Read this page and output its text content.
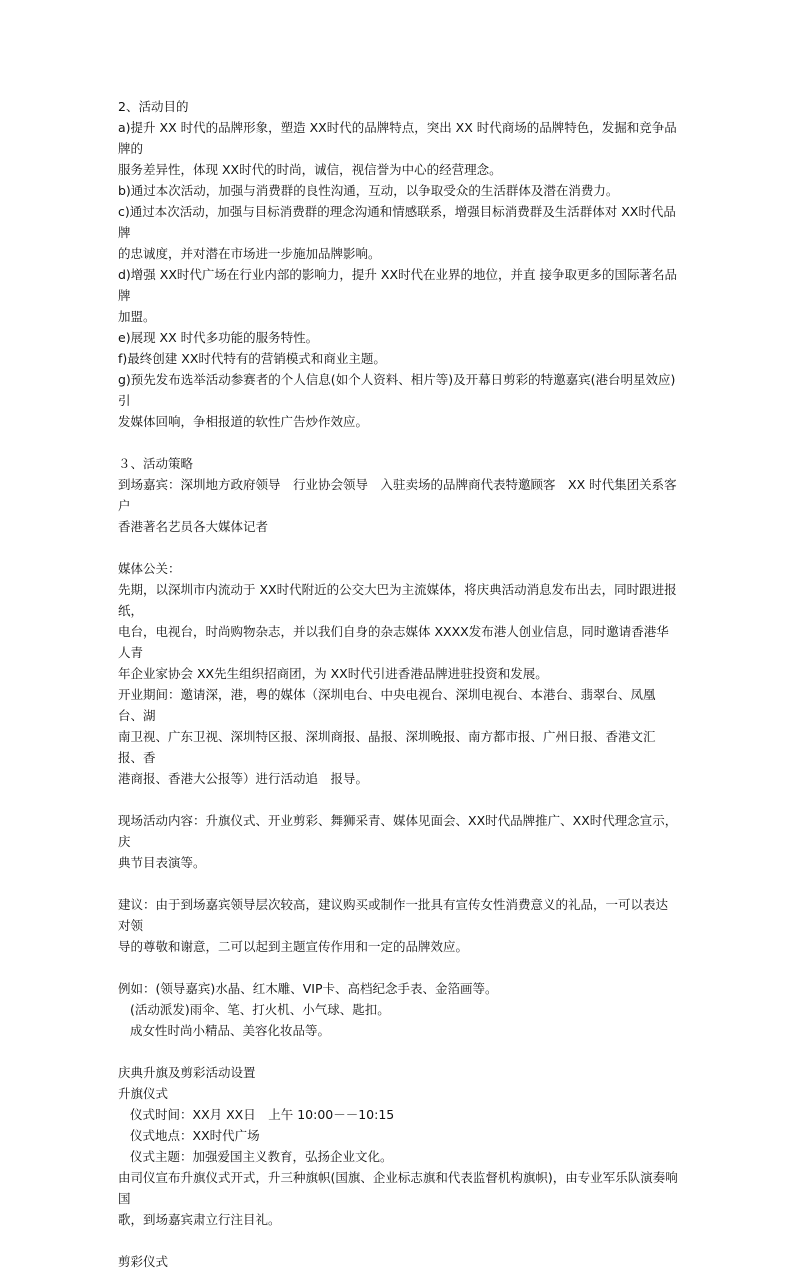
2、活动目的

a)提升 XX 时代的品牌形象，塑造 XX时代的品牌特点，突出 XX 时代商场的品牌特色，发掘和竞争品牌的

服务差异性，体现 XX时代的时尚，诚信，视信誉为中心的经营理念。

b)通过本次活动，加强与消费群的良性沟通，互动，以争取受众的生活群体及潜在消费力。

c)通过本次活动，加强与目标消费群的理念沟通和情感联系，增强目标消费群及生活群体对 XX时代品牌

的忠诚度，并对潜在市场进一步施加品牌影响。

d)增强 XX时代广场在行业内部的影响力，提升 XX时代在业界的地位，并直 接争取更多的国际著名品牌

加盟。

e)展现 XX 时代多功能的服务特性。

f)最终创建 XX时代特有的营销模式和商业主题。

g)预先发布选举活动参赛者的个人信息(如个人资料、相片等)及开幕日剪彩的特邀嘉宾(港台明星效应)引

发媒体回响，争相报道的软性广告炒作效应。

３、活动策略

到场嘉宾：深圳地方政府领导　行业协会领导　入驻卖场的品牌商代表特邀顾客　XX 时代集团关系客户

香港著名艺员各大媒体记者

媒体公关：

先期，以深圳市内流动于 XX时代附近的公交大巴为主流媒体，将庆典活动消息发布出去，同时跟进报纸，

电台，电视台，时尚购物杂志，并以我们自身的杂志媒体 XXXX发布港人创业信息，同时邀请香港华人青

年企业家协会 XX先生组织招商团，为 XX时代引进香港品牌进驻投资和发展。

开业期间：邀请深，港，粤的媒体（深圳电台、中央电视台、深圳电视台、本港台、翡翠台、凤凰台、湖

南卫视、广东卫视、深圳特区报、深圳商报、晶报、深圳晚报、南方都市报、广州日报、香港文汇报、香

港商报、香港大公报等）进行活动追　报导。

现场活动内容：升旗仪式、开业剪彩、舞狮采青、媒体见面会、XX时代品牌推广、XX时代理念宣示，庆

典节目表演等。

建议：由于到场嘉宾领导层次较高，建议购买或制作一批具有宣传女性消费意义的礼品，一可以表达对领

导的尊敬和谢意，二可以起到主题宣传作用和一定的品牌效应。

例如：(领导嘉宾)水晶、红木雕、VIP卡、高档纪念手表、金箔画等。

(活动派发)雨伞、笔、打火机、小气球、匙扣。

成女性时尚小精品、美容化妆品等。

庆典升旗及剪彩活动设置

升旗仪式

仪式时间：XX月 XX日　上午 10:00－－10:15

仪式地点：XX时代广场

仪式主题：加强爱国主义教育，弘扬企业文化。

由司仪宣布升旗仪式开式，升三种旗帜(国旗、企业标志旗和代表监督机构旗帜)，由专业军乐队演奏响国

歌，到场嘉宾肃立行注目礼。

剪彩仪式
